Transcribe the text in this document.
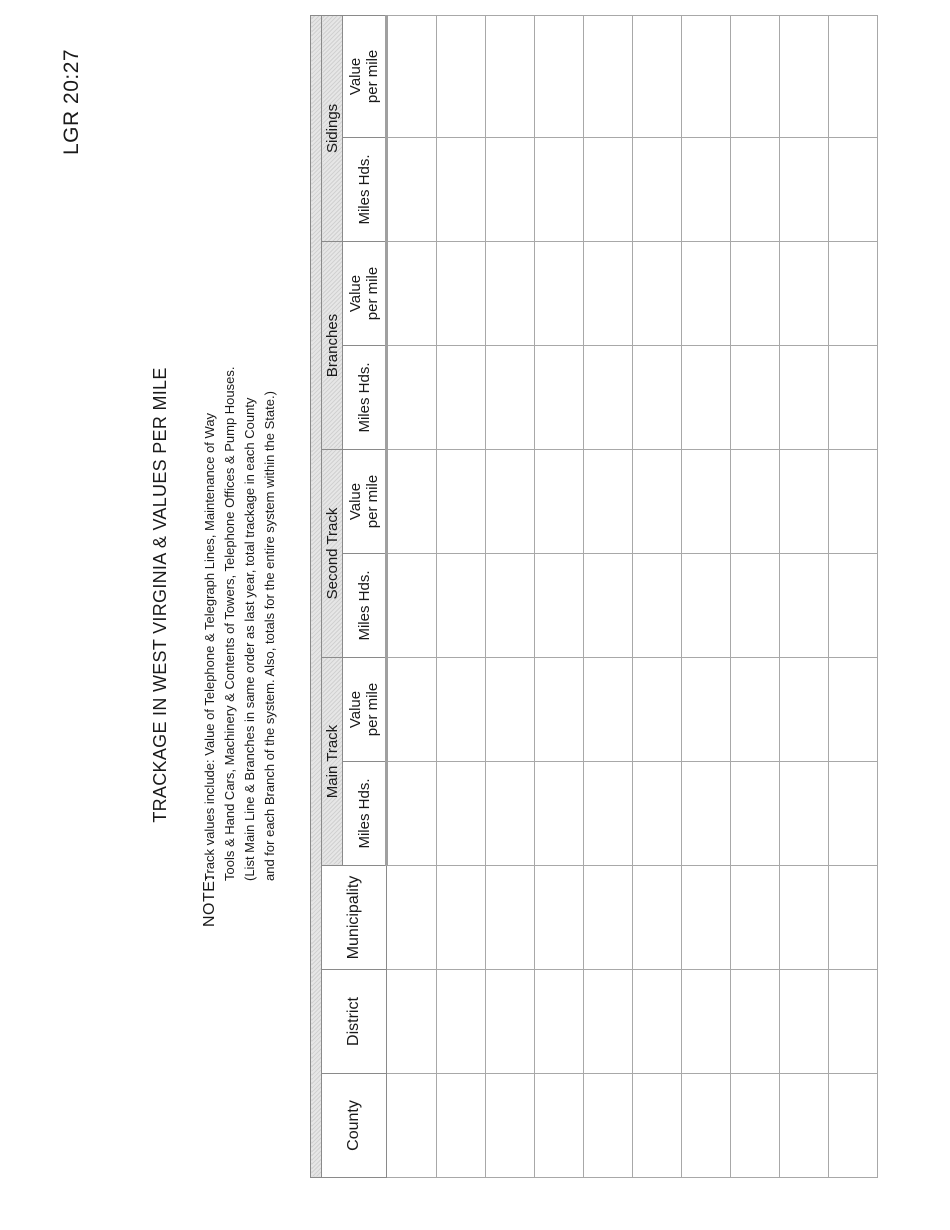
LGR 20:27
TRACKAGE IN WEST VIRGINIA & VALUES PER MILE
NOTE:
Track values include: Value of Telephone & Telegraph Lines, Maintenance of Way Tools & Hand Cars, Machinery & Contents of Towers, Telephone Offices & Pump Houses. (List Main Line & Branches in same order as last year, total trackage in each County and for each Branch of the system. Also, totals for the entire system within the State.)

County	District	Municipality	Main Track		Second Track		Branches		Sidings	
			Miles Hds.	Value
per mile	Miles Hds.	Value
per mile	Miles Hds.	Value
per mile	Miles Hds.	Value
per mile
